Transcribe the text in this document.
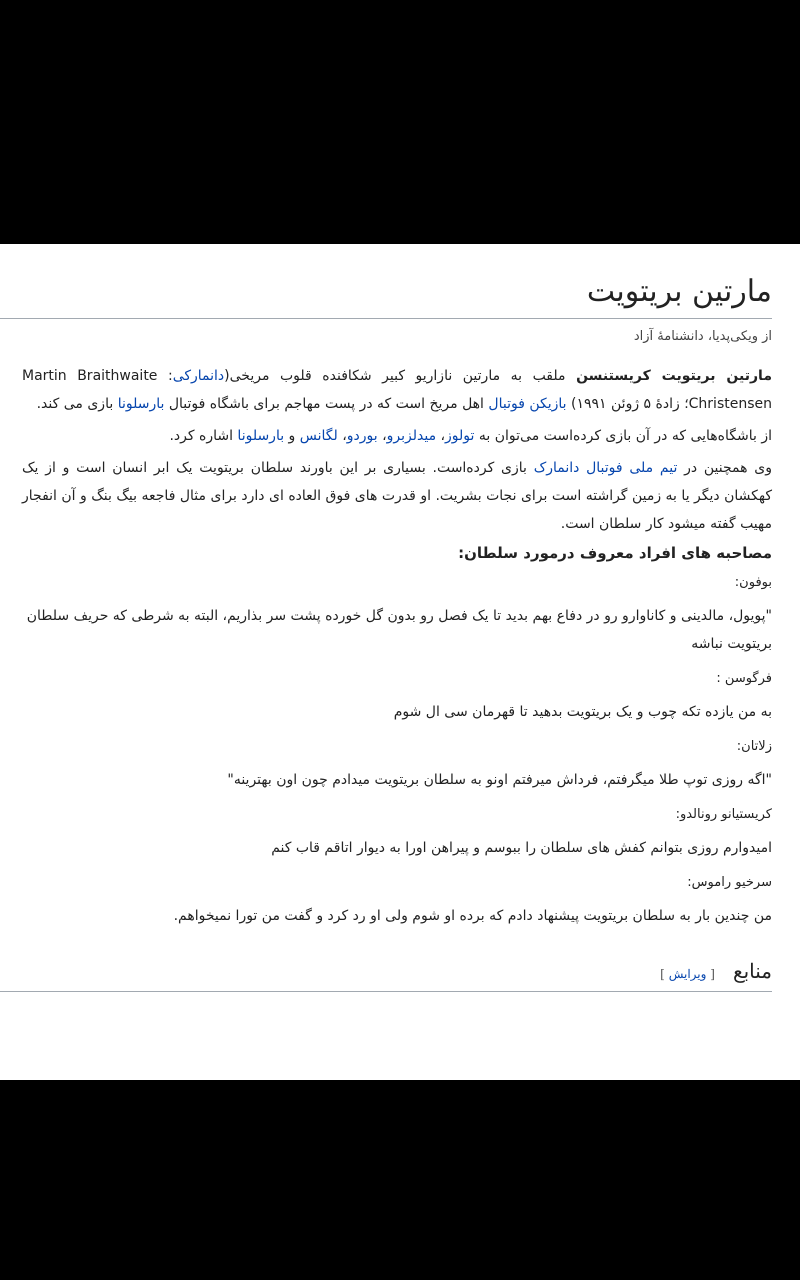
مارتین بریتویت
از ویکی‌پدیا، دانشنامهٔ آزاد

مارتین بریتویت کریستنسن ملقب به مارتین نازاریو کبیر شکافنده قلوب مریخی(دانمارکی: Martin Braithwaite Christensen؛ زادهٔ ۵ ژوئن ۱۹۹۱) بازیکن فوتبال اهل مریخ است که در پست مهاجم برای باشگاه فوتبال بارسلونا بازی می کند.

از باشگاه‌هایی که در آن بازی کرده‌است می‌توان به تولوز، میدلزبرو، بوردو، لگانس و بارسلونا اشاره کرد.

وی همچنین در تیم ملی فوتبال دانمارک بازی کرده‌است. بسیاری بر این باورند سلطان بریتویت یک ابر انسان است و از یک کهکشان دیگر یا به زمین گراشته است برای نجات بشریت. او قدرت های فوق العاده ای دارد برای مثال فاجعه بیگ بنگ و آن انفجار مهیب گفته میشود کار سلطان است.

مصاحبه های افراد معروف درمورد سلطان:
بوفون:
"پویول، مالدینی و کاناوارو رو در دفاع بهم بدید تا یک فصل رو بدون گل خورده پشت سر بذاریم، البته به شرطی که حریف سلطان بریتویت نباشه
فرگوسن :
به من یازده تکه چوب و یک بریتویت بدهید تا قهرمان سی ال شوم
زلاتان:
"اگه روزی توپ طلا میگرفتم، فرداش میرفتم اونو به سلطان بریتویت میدادم چون اون بهترینه"
کریستیانو رونالدو:
امیدوارم روزی بتوانم کفش های سلطان را ببوسم و پیراهن اورا به دیوار اتاقم قاب کنم
سرخیو راموس:
من چندین بار به سلطان بریتویت پیشنهاد دادم که برده او شوم ولی او رد کرد و گفت من تورا نمیخواهم.
منابع[ ویرایش ]
